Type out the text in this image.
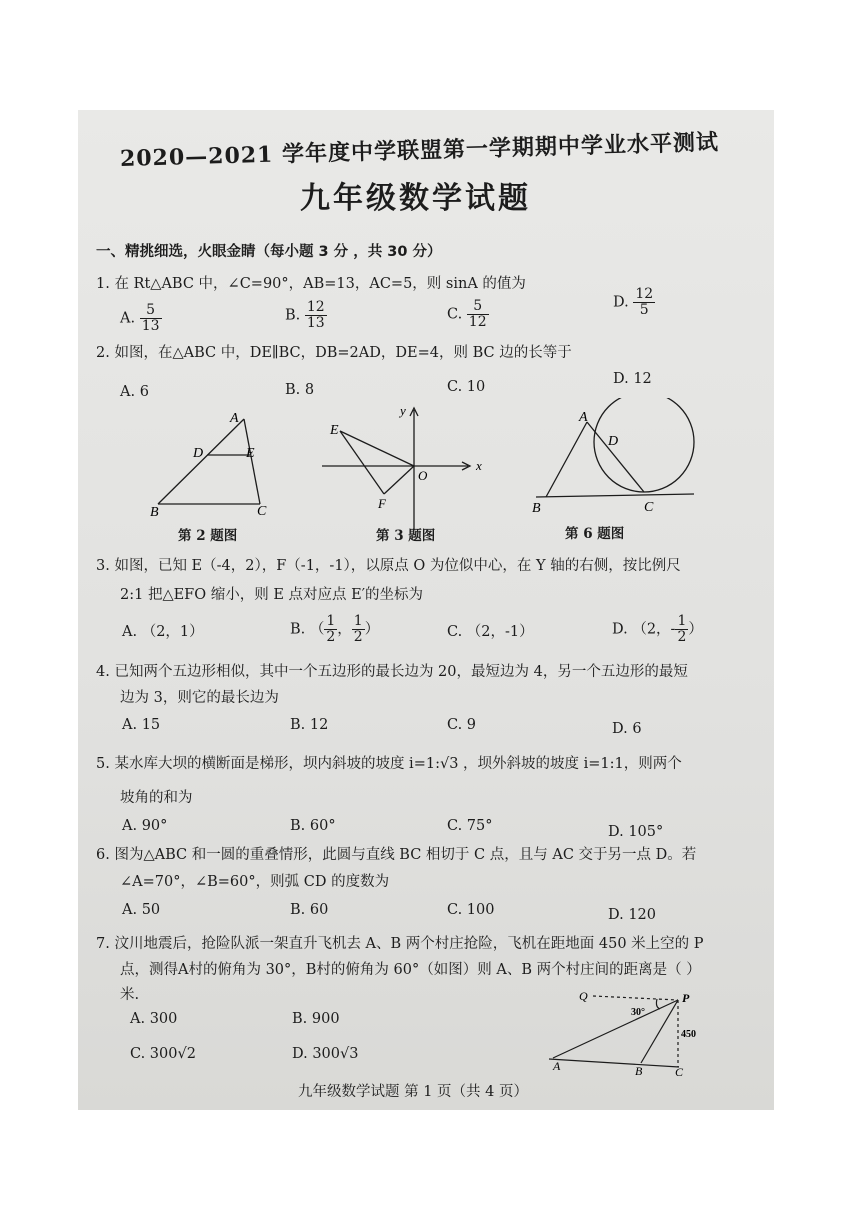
2020—2021 学年度中学联盟第一学期期中学业水平测试
九年级数学试题
一、精挑细选，火眼金睛（每小题 3 分 ，共 30 分）
1. 在 Rt△ABC 中，∠C=90°，AB=13，AC=5，则 sinA 的值为
A. $\frac{5}{13}$	B. $\frac{12}{13}$	C. $\frac{5}{12}$	D. $\frac{12}{5}$
2. 如图，在△ABC 中，DE∥BC，DB=2AD，DE=4，则 BC 边的长等于
A. 6	B. 8	C. 10	D. 12
A
D	E
B	C
y
E
O
x
F
A
D
B	C
第 2 题图	第 3 题图	第 6 题图
3. 如图，已知 E（-4，2），F（-1，-1），以原点 O 为位似中心，在 Y 轴的右侧，按比例尺
2:1 把△EFO 缩小，则 E 点对应点 E′的坐标为
A. （2，1）	B. （ $\frac{1}{2}$ ， $\frac{1}{2}$ ）	C. （2，-1）	D. （2，- $\frac{1}{2}$ ）
4. 已知两个五边形相似，其中一个五边形的最长边为 20，最短边为 4，另一个五边形的最短
边为 3，则它的最长边为
A. 15	B. 12	C. 9	D. 6
5. 某水库大坝的横断面是梯形，坝内斜坡的坡度 i=1:√3 ，坝外斜坡的坡度 i=1:1，则两个
坡角的和为
A. 90°	B. 60°	C. 75°	D. 105°
6. 图为△ABC 和一圆的重叠情形，此圆与直线 BC 相切于 C 点，且与 AC 交于另一点 D。若
∠A=70°，∠B=60°，则弧 CD 的度数为
A. 50	B. 60	C. 100	D. 120
7. 汶川地震后，抢险队派一架直升飞机去 A、B 两个村庄抢险，飞机在距地面 450 米上空的 P
点，测得A村的俯角为 30°，B村的俯角为 60°（如图）则 A、B 两个村庄间的距离是（ ）
米.
A. 300	B. 900
C. 300√2	D. 300√3
Q	P
30°
450
A	B	C
九年级数学试题 第 1 页（共 4 页）
